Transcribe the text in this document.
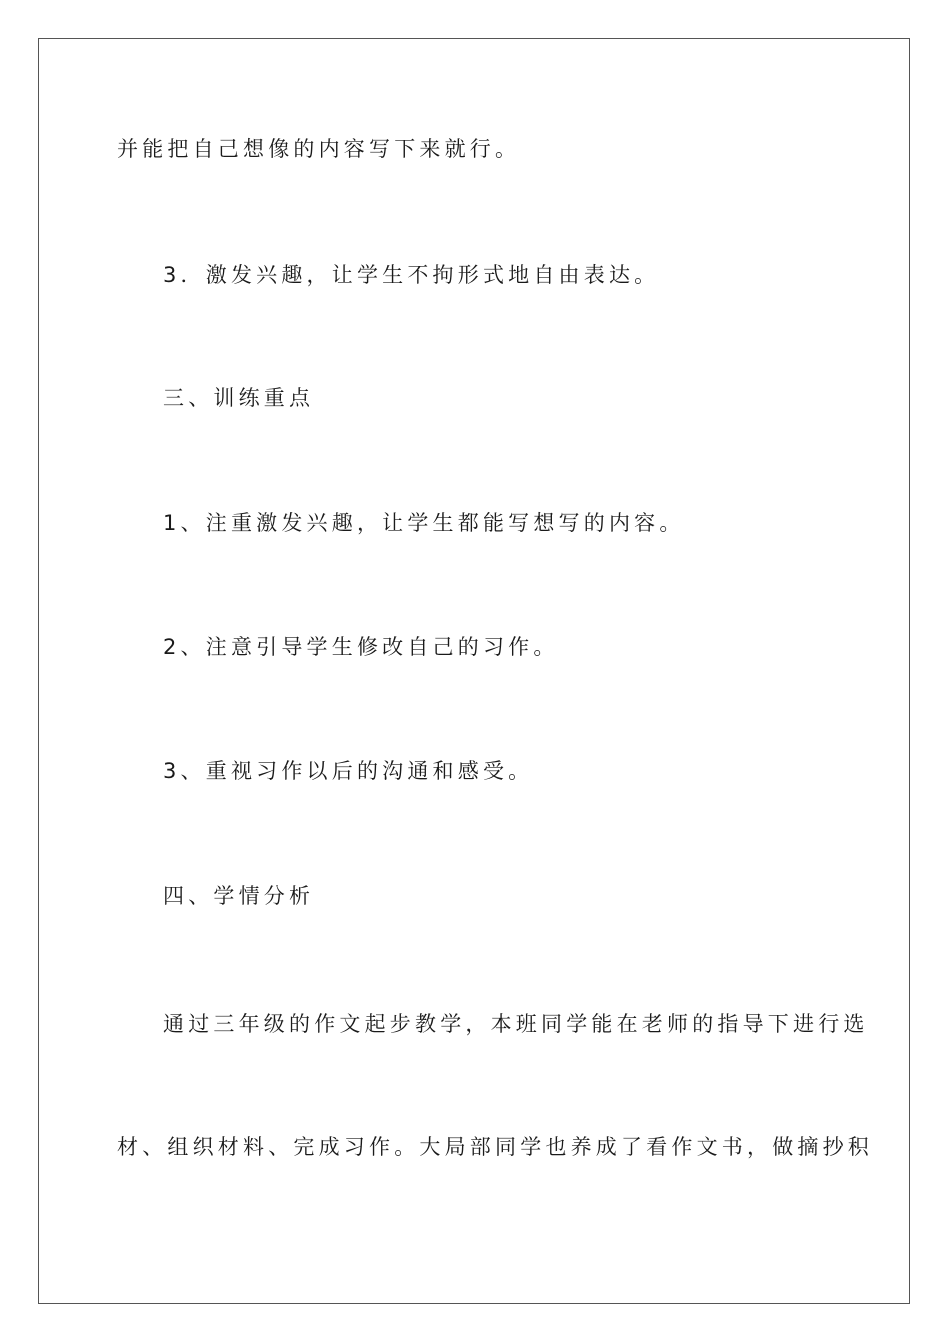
并能把自己想像的内容写下来就行。
3．激发兴趣，让学生不拘形式地自由表达。
三、训练重点
1、注重激发兴趣，让学生都能写想写的内容。
2、注意引导学生修改自己的习作。
3、重视习作以后的沟通和感受。
四、学情分析
通过三年级的作文起步教学，本班同学能在老师的指导下进行选
材、组织材料、完成习作。大局部同学也养成了看作文书，做摘抄积
